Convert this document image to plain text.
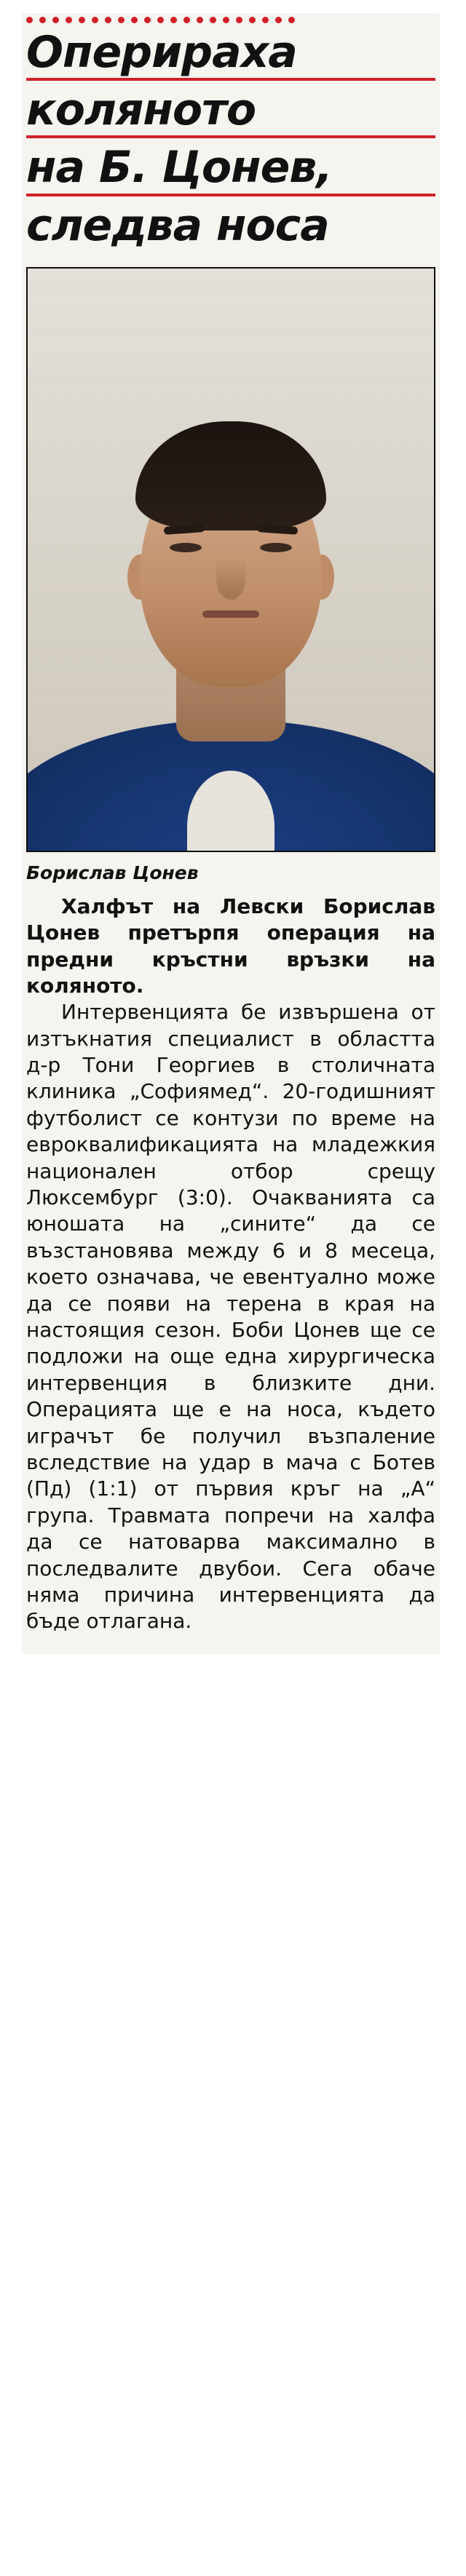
Оперираха
коляното
на Б. Цонев,
следва носа
Борислав Цонев

Халфът на Левски Борислав Цонев претърпя операция на предни кръстни връзки на коляното.

Интервенцията бе извършена от изтъкнатия специалист в областта д-р Тони Георгиев в столичната клиника „Софиямед“. 20-годишният футболист се контузи по време на евроквалификацията на младежкия национален отбор срещу Люксембург (3:0). Очакванията са юношата на „сините“ да се възстановява между 6 и 8 месеца, което означава, че евентуално може да се появи на терена в края на настоящия сезон. Боби Цонев ще се подложи на още една хирургическа интервенция в близките дни. Операцията ще е на носа, където играчът бе получил възпаление вследствие на удар в мача с Ботев (Пд) (1:1) от първия кръг на „А“ група. Травмата попречи на халфа да се натоварва максимално в последвалите двубои. Сега обаче няма причина интервенцията да бъде отлагана.
